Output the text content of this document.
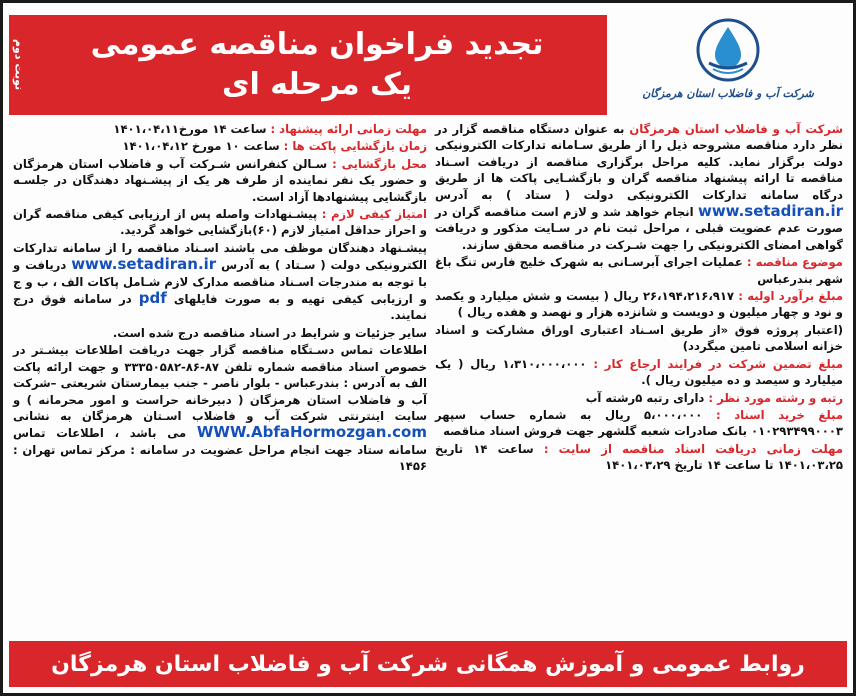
نوبت دوم	تجدید فراخوان مناقصه عمومی
یک مرحله ای	شرکت آب و فاضلاب استان هرمزگان

شرکت آب و فاضلاب استان هرمزگان به عنوان دستگاه مناقصه گزار در نظر دارد مناقصه مشروحه ذیل را از طریق سـامانه تدارکات الکترونیکی دولت برگزار نماید. کلیه مراحل برگزاری مناقصه از دریافت اسـناد مناقصه تا ارائه پیشنهاد مناقصه گران و بازگشـایی پاکت ها از طریق درگاه سامانه تدارکات الکترونیکی دولت ( ستاد ) به آدرس www.setadiran.ir انجام خواهد شد و لازم است مناقصه گران در صورت عدم عضویت قبلی ، مراحل ثبت نام در سـایت مذکور و دریافت گواهی امضای الکترونیکی را جهت شـرکت در مناقصه محقق سازند.

موضوع مناقصه : عملیات اجرای آبرسـانی به شهرک خلیج فارس تنگ باغ شهر بندرعباس

مبلغ برآورد اولیه : ۲۶،۱۹۴،۲۱۶،۹۱۷ ریال ( بیست و شش میلیارد و یکصد و نود و چهار میلیون و دویست و شانزده هزار و نهصد و هفده ریال )

(اعتبار پروژه فوق «از طریق اسـناد اعتباری اوراق مشارکت و اسناد خزانه اسلامی تامین میگردد)

مبلغ تضمین شرکت در فرایند ارجاع کار : ۱،۳۱۰،۰۰۰،۰۰۰ ریال ( یک میلیارد و سیصد و ده میلیون ریال ).

رتبه و رشته مورد نظر : دارای رتبه ۵رشته آب

مبلغ خرید اسناد : ۵،۰۰۰،۰۰۰ ریال به شماره حساب سپهر ۰۱۰۲۹۳۴۹۹۰۰۰۳ بانک صادرات شعبه گلشهر جهت فروش اسناد مناقصه

مهلت زمانی دریافت اسناد مناقصه از سایت : ساعت ۱۴ تاریخ ۱۴۰۱،۰۳،۲۵ تا ساعت ۱۴ تاریخ ۱۴۰۱،۰۳،۲۹

مهلت زمانی ارائه پیشنهاد : ساعت ۱۴ مورخ۱۴۰۱،۰۴،۱۱

زمان بازگشایی پاکت ها : ساعت ۱۰ مورخ ۱۴۰۱،۰۴،۱۲

محل بازگشایی : سـالن کنفرانس شـرکت آب و فاضلاب استان هرمزگان و حضور یک نفر نماینده از طرف هر یک از پیشـنهاد دهندگان در جلسـه بازگشایی پیشنهادها آزاد است.

امتیاز کیفی لازم : پیشـنهادات واصله پس از ارزیابی کیفی مناقصه گران و احراز حداقل امتیاز لازم (۶۰)بازگشایی خواهد گردید.

پیشـنهاد دهندگان موظف می باشند اسـناد مناقصه را از سامانه تدارکات الکترونیکی دولت ( سـتاد ) به آدرس www.setadiran.ir دریافت و با توجه به مندرجات اسـناد مناقصه مدارک لازم شـامل پاکات الف ، ب و ج و ارزیابی کیفی تهیه و به صورت فایلهای pdf در سامانه فوق درج نمایند.

سایر جزئیات و شرایط در اسناد مناقصه درج شده است.

اطلاعات تماس دسـتگاه مناقصه گزار جهت دریافت اطلاعات بیشـتر در خصوص اسناد مناقصه شماره تلفن ۸۷-۸۶-۳۳۳۵۰۵۸۲ و جهت ارائه پاکت الف به آدرس : بندرعباس - بلوار ناصر - جنب بیمارستان شریعتی –شرکت آب و فاضلاب استان هرمزگان ( دبیرخانه حراست و امور محرمانه ) و سایت اینترنتی شرکت آب و فاضلاب اسـتان هرمزگان به نشانی WWW.AbfaHormozgan.com می باشد ، اطلاعات تماس سامانه ستاد جهت انجام مراحل عضویت در سامانه : مرکز تماس تهران : ۱۴۵۶

روابط عمومی و آموزش همگانی شرکت آب و فاضلاب استان هرمزگان
